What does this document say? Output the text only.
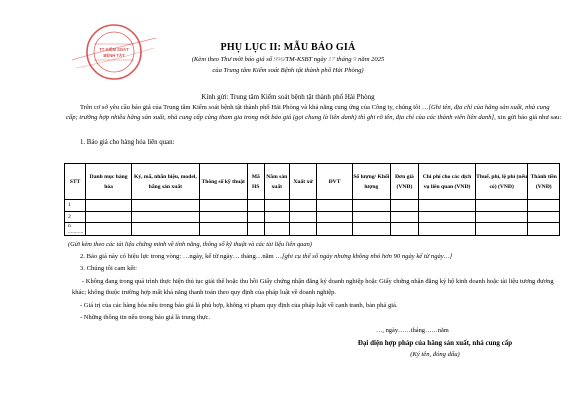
TT KIỂM SOÁT
BỆNH TẬT
PHỤ LỤC II: MẪU BÁO GIÁ
(Kèm theo Thư mời báo giá số 996/TM-KSBT ngày 17 tháng 9 năm 2025
của Trung tâm Kiểm soát Bệnh tật thành phố Hải Phòng)
Kính gửi: Trung tâm Kiểm soát bệnh tật thành phố Hải Phòng
Trên cơ sở yêu cầu báo giá của Trung tâm Kiểm soát bệnh tật thành phố Hải Phòng và khả năng cung ứng của Công ty, chúng tôi …[Ghi tên, địa chỉ của hãng sản xuất, nhà cung cấp; trường hợp nhiều hãng sản xuất, nhà cung cấp cùng tham gia trong một báo giá (gọi chung là liên danh) thì ghi rõ tên, địa chỉ của các thành viên liên danh], xin gửi báo giá như sau:
1. Báo giá cho hàng hóa liên quan:
STT	Danh mục hàng hóa	Ký, mã, nhãn hiệu, model, hãng sản xuất	Thông số kỹ thuật	Mã HS	Năm sản xuất	Xuất xứ	ĐVT	Số lượng/ Khối lượng	Đơn giá (VNĐ)	Chi phí cho các dịch vụ liên quan (VNĐ)	Thuế, phí, lệ phí (nếu có) (VNĐ)	Thành tiền (VNĐ)
1												
2												
n ...........												
(Gửi kèm theo các tài liệu chứng minh về tính năng, thông số kỹ thuật và các tài liệu liên quan)
2. Báo giá này có hiệu lực trong vòng: …ngày, kể từ ngày… tháng…năm …[ghi cụ thể số ngày nhưng không nhỏ hơn 90 ngày kể từ ngày…]
3. Chúng tôi cam kết:
- Không đang trong quá trình thực hiện thủ tục giải thể hoặc thu hồi Giấy chứng nhận đăng ký doanh nghiệp hoặc Giấy chứng nhận đăng ký hộ kinh doanh hoặc tài liệu tương đương khác; không thuộc trường hợp mất khả năng thanh toán theo quy định của pháp luật về doanh nghiệp.
- Giá trị của các hàng hóa nêu trong báo giá là phù hợp, không vi phạm quy định của pháp luật về cạnh tranh, bán phá giá.
- Những thông tin nêu trong báo giá là trung thực.
…, ngày……tháng……năm
Đại diện hợp pháp của hãng sản xuất, nhà cung cấp
(Ký tên, đóng dấu)
